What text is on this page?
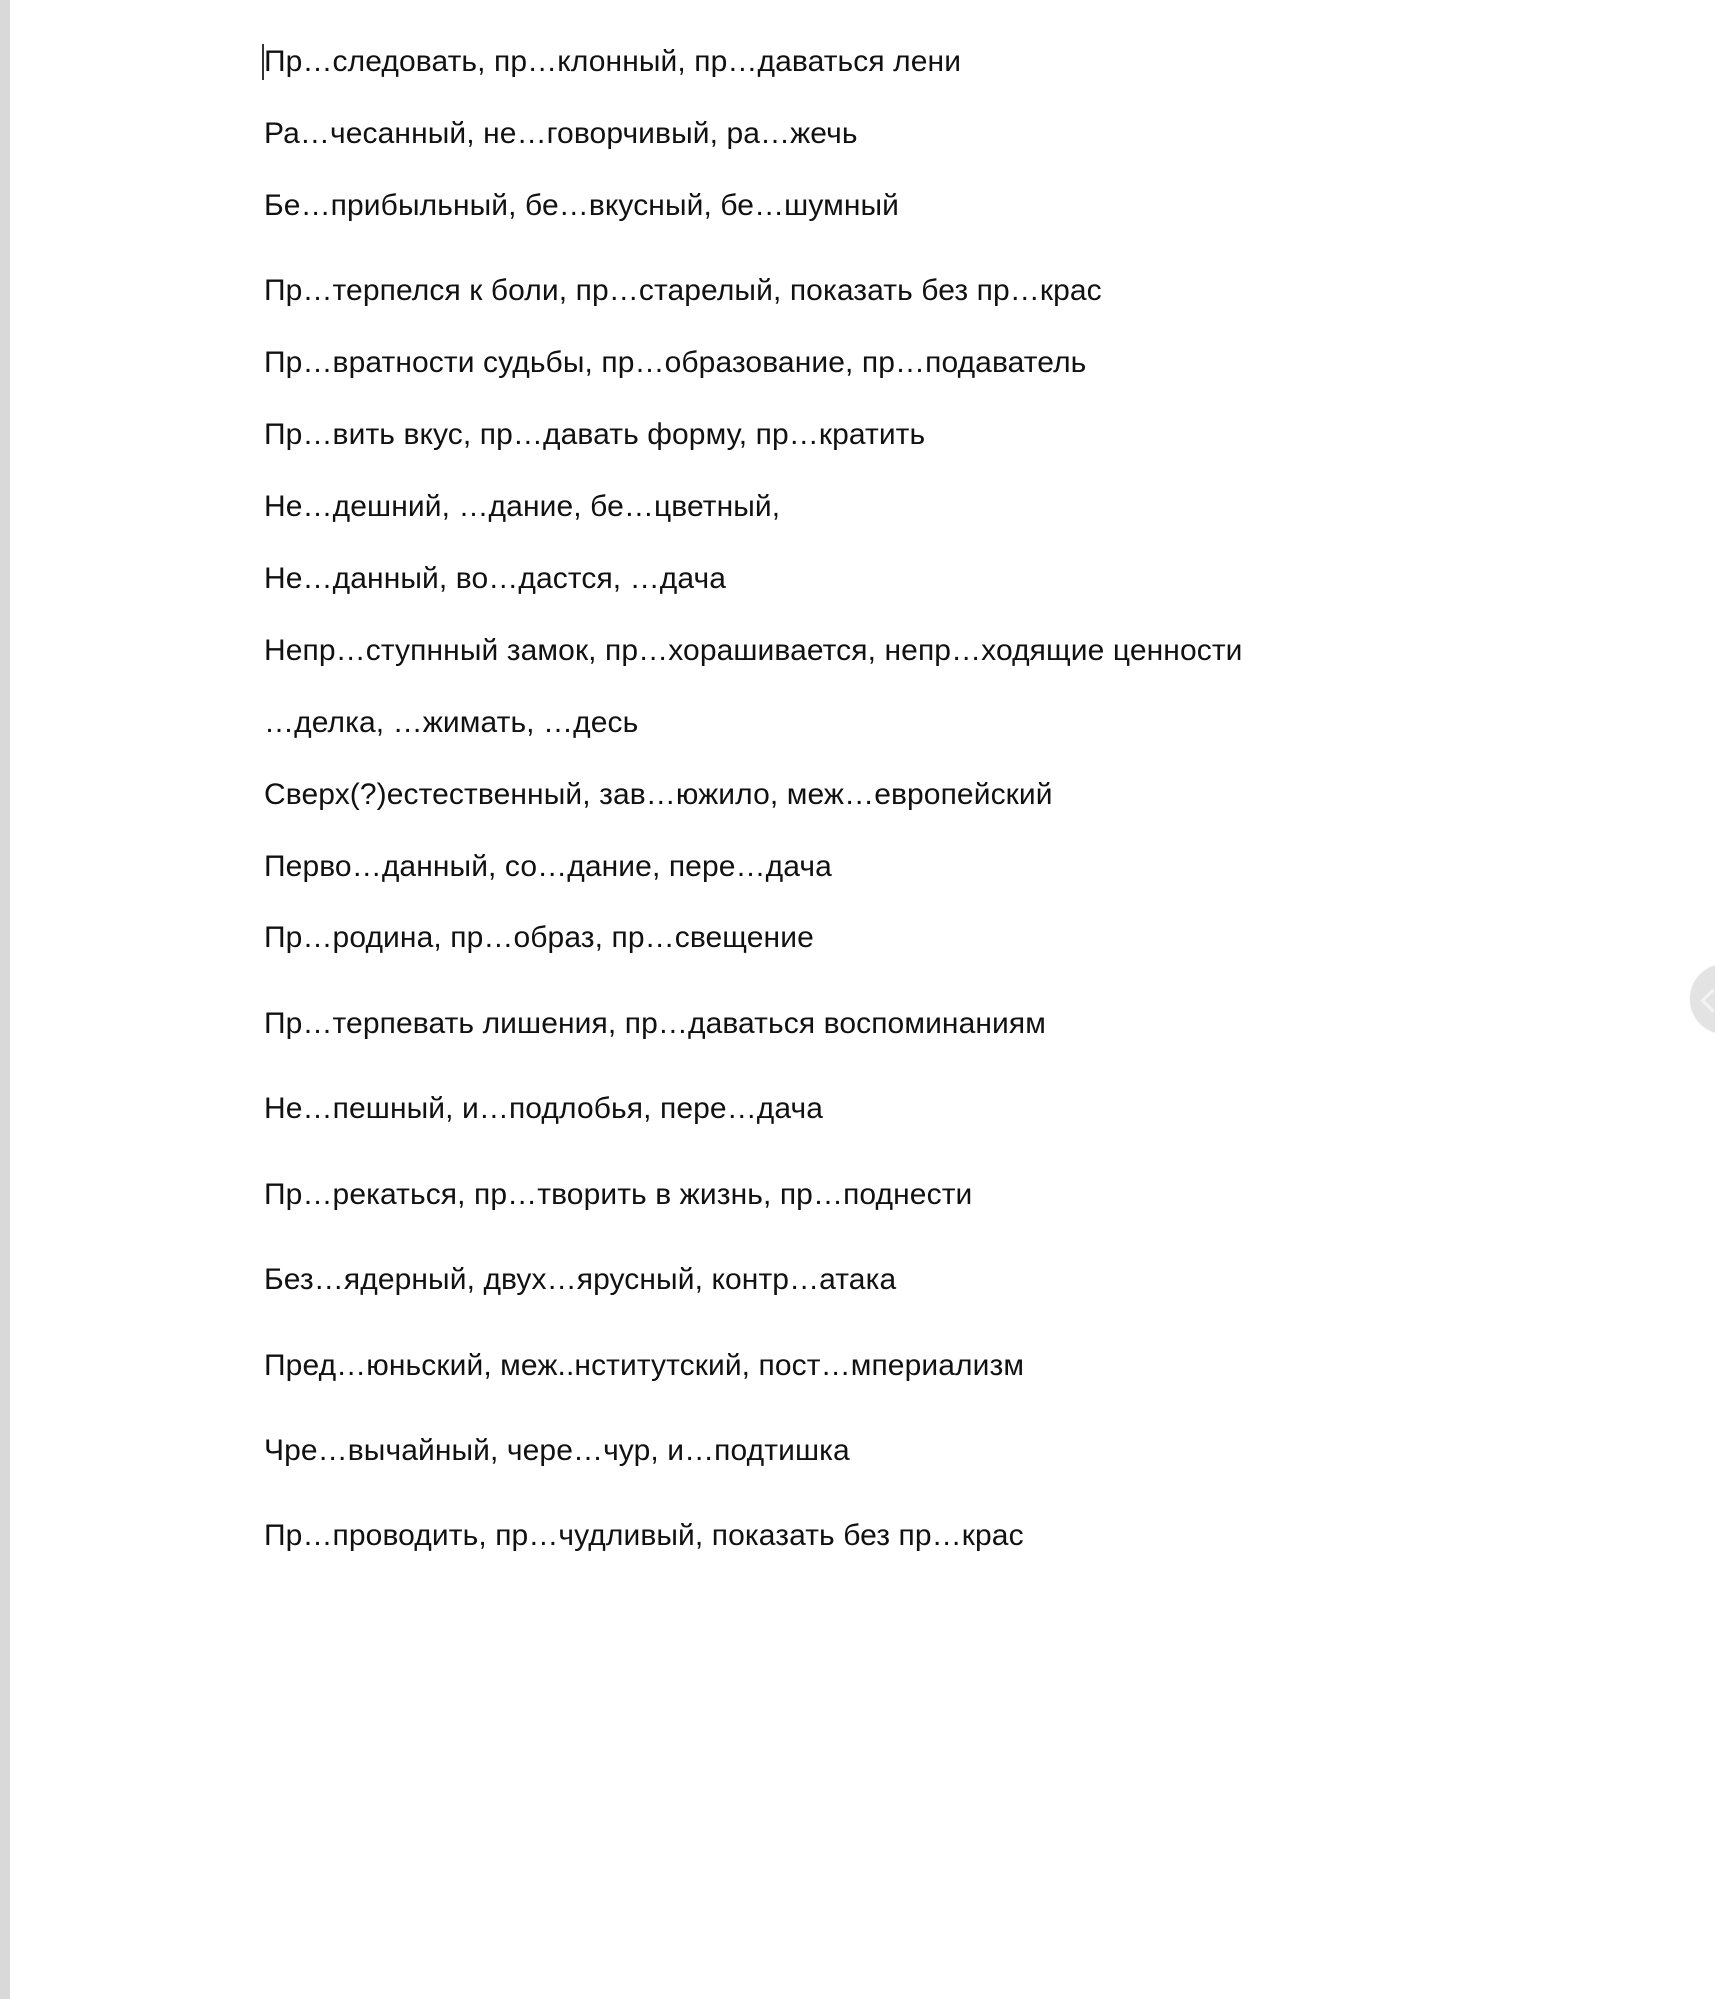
Пр…следовать, пр…клонный, пр…даваться лени
Ра…чесанный, не…говорчивый, ра…жечь
Бе…прибыльный, бе…вкусный, бе…шумный
Пр…терпелся к боли, пр…старелый, показать без пр…крас
Пр…вратности судьбы, пр…образование, пр…подаватель
Пр…вить вкус, пр…давать форму, пр…кратить
Не…дешний, …дание, бе…цветный,
Не…данный, во…дастся, …дача
Непр…ступнный замок, пр…хорашивается, непр…ходящие ценности
…делка, …жимать, …десь
Сверх(?)естественный, зав…южило, меж…европейский
Перво…данный, со…дание, пере…дача
Пр…родина, пр…образ, пр…свещение
Пр…терпевать лишения, пр…даваться воспоминаниям
Не…пешный, и…подлобья, пере…дача
Пр…рекаться, пр…творить в жизнь, пр…поднести
Без…ядерный, двух…ярусный, контр…атака
Пред…юньский, меж..нститутский, пост…мпериализм
Чре…вычайный, чере…чур, и…подтишка
Пр…проводить, пр…чудливый, показать без пр…крас
